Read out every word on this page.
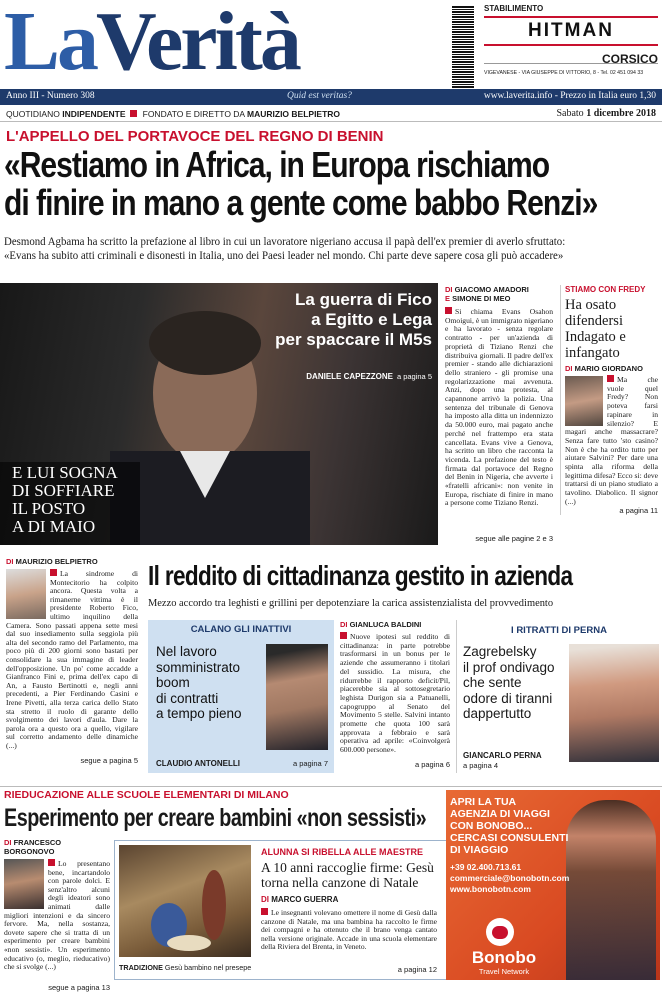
LaVerità	STABILIMENTO
HITMAN
CORSICO
VIGEVANESE - VIA GIUSEPPE DI VITTORIO, 8 - Tel. 02 451 094 33
Anno III - Numero 308	Quid est veritas?	www.laverita.info - Prezzo in Italia euro 1,30
QUOTIDIANO INDIPENDENTE FONDATO E DIRETTO DA MAURIZIO BELPIETRO	Sabato 1 dicembre 2018
L'APPELLO DEL PORTAVOCE DEL REGNO DI BENIN
«Restiamo in Africa, in Europa rischiamo
di finire in mano a gente come babbo Renzi»
Desmond Agbama ha scritto la prefazione al libro in cui un lavoratore nigeriano accusa il papà dell'ex premier di averlo sfruttato:
«Evans ha subito atti criminali e disonesti in Italia, uno dei Paesi leader nel mondo. Chi parte deve sapere cosa gli può accadere»
La guerra di Fico
a Egitto e Lega
per spaccare il M5s
DANIELE CAPEZZONE a pagina 5
E LUI SOGNA
DI SOFFIARE
IL POSTO
A DI MAIO
DI GIACOMO AMADORI
E SIMONE DI MEO
Si chiama Evans Osahon Omoigui, è un immigrato nigeriano e ha lavorato - senza regolare contratto - per un'azienda di proprietà di Tiziano Renzi che distribuiva giornali. Il padre dell'ex premier - stando alle dichiarazioni dello straniero - gli promise una regolarizzazione mai avvenuta. Anzi, dopo una protesta, al capannone arrivò la polizia. Una sentenza del tribunale di Genova ha imposto alla ditta un indennizzo da 50.000 euro, mai pagato anche perché nel frattempo era stata cancellata. Evans vive a Genova, ha scritto un libro che racconta la vicenda. La prefazione del testo è firmata dal portavoce del Regno del Benin in Nigeria, che avverte i «fratelli africani»: non venite in Europa, rischiate di finire in mano a persone come Tiziano Renzi.
segue alle pagine 2 e 3
STIAMO CON FREDY
Ha osato difendersi Indagato e infangato
DI MARIO GIORDANO
Ma che vuole quel Fredy? Non poteva farsi rapinare in silenzio? E magari anche massacrare? Senza fare tutto 'sto casino? Non è che ha ordito tutto per aiutare Salvini? Per dare una spinta alla riforma della legittima difesa? Ecco si: deve trattarsi di un piano studiato a tavolino. Diabolico. Il signor (...)
a pagina 11
DI MAURIZIO BELPIETRO
La sindrome di Montecitorio ha colpito ancora. Questa volta a rimanerne vittima è il presidente Roberto Fico, ultimo inquilino della Camera. Sono passati appena sette mesi dal suo insediamento sulla seggiola più alta del secondo ramo del Parlamento, ma poco più di 200 giorni sono bastati per consolidare la sua immagine di leader dell'opposizione. Un po' come accadde a Gianfranco Fini e, prima dell'ex capo di An, a Fausto Bertinotti e, negli anni precedenti, a Pier Ferdinando Casini e Irene Pivetti, alla terza carica dello Stato sta stretto il ruolo di garante dello svolgimento dei lavori d'aula. Dare la parola ora a questo ora a quello, vigilare sul corretto andamento delle dinamiche (...)
segue a pagina 5
Il reddito di cittadinanza gestito in azienda
Mezzo accordo tra leghisti e grillini per depotenziare la carica assistenzialista del provvedimento
CALANO GLI INATTIVI
Nel lavoro
somministrato
boom
di contratti
a tempo pieno
CLAUDIO ANTONELLI	a pagina 7
DI GIANLUCA BALDINI
Nuove ipotesi sul reddito di cittadinanza: in parte potrebbe trasformarsi in un bonus per le aziende che assumeranno i titolari del sussidio. La misura, che ridurrebbe il rapporto deficit/Pil, piacerebbe sia al sottosegretario leghista Durigon sia a Patuanelli, capogruppo al Senato del Movimento 5 stelle. Salvini intanto promette che quota 100 sarà approvata a febbraio e sarà operativa ad aprile: «Coinvolgerà 600.000 persone».
a pagina 6
I RITRATTI DI PERNA
Zagrebelsky
il prof ondivago
che sente
odore di tiranni
dappertutto
GIANCARLO PERNA
a pagina 4
RIEDUCAZIONE ALLE SCUOLE ELEMENTARI DI MILANO
Esperimento per creare bambini «non sessisti»
DI FRANCESCO BORGONOVO
Lo presentano bene, incartandolo con parole dolci. E senz'altro alcuni degli ideatori sono animati dalle migliori intenzioni e da sincero fervore. Ma, nella sostanza, dovete sapere che si tratta di un esperimento per creare bambini «non sessisti». Un esperimento educativo (o, meglio, rieducativo) che si svolge (...)
segue a pagina 13
TRADIZIONE Gesù bambino nel presepe
ALUNNA SI RIBELLA ALLE MAESTRE
A 10 anni raccoglie firme: Gesù torna nella canzone di Natale
DI MARCO GUERRA
Le insegnanti volevano omettere il nome di Gesù dalla canzone di Natale, ma una bambina ha raccolto le firme dei compagni e ha ottenuto che il brano venga cantato nella versione originale. Accade in una scuola elementare della Riviera del Brenta, in Veneto.
a pagina 12
APRI LA TUA
AGENZIA DI VIAGGI
CON BONOBO...
CERCASI CONSULENTI
DI VIAGGIO
+39 02.400.713.61
commerciale@bonobotn.com
www.bonobotn.com
Bonobo
Travel Network
